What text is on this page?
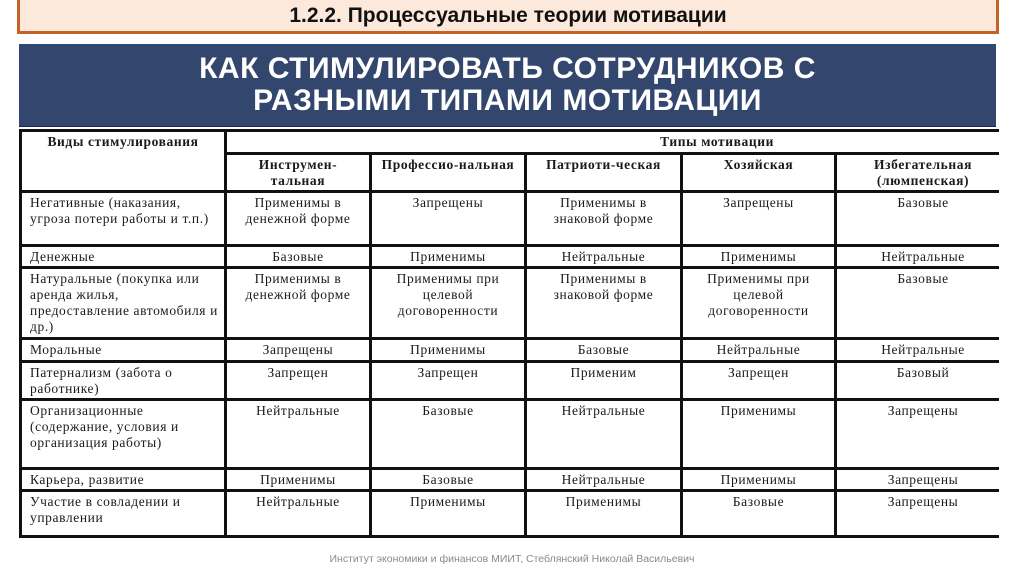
1.2.2. Процессуальные теории мотивации
КАК СТИМУЛИРОВАТЬ СОТРУДНИКОВ С
РАЗНЫМИ ТИПАМИ МОТИВАЦИИ
Виды стимулирования	Типы мотивации				
	Инструмен-тальная	Профессио-нальная	Патриоти-ческая	Хозяйская	Избегательная (люмпенская)
Негативные (наказания, угроза потери работы и т.п.)	Применимы в денежной форме	Запрещены	Применимы в знаковой форме	Запрещены	Базовые
Денежные	Базовые	Применимы	Нейтральные	Применимы	Нейтральные
Натуральные (покупка или аренда жилья, предоставление автомобиля и др.)	Применимы в денежной форме	Применимы при целевой договоренности	Применимы в знаковой форме	Применимы при целевой договоренности	Базовые
Моральные	Запрещены	Применимы	Базовые	Нейтральные	Нейтральные
Патернализм (забота о работнике)	Запрещен	Запрещен	Применим	Запрещен	Базовый
Организационные (содержание, условия и организация работы)	Нейтральные	Базовые	Нейтральные	Применимы	Запрещены
Карьера, развитие	Применимы	Базовые	Нейтральные	Применимы	Запрещены
Участие в совладении и управлении	Нейтральные	Применимы	Применимы	Базовые	Запрещены
Институт экономики и финансов МИИТ, Стеблянский Николай Васильевич
